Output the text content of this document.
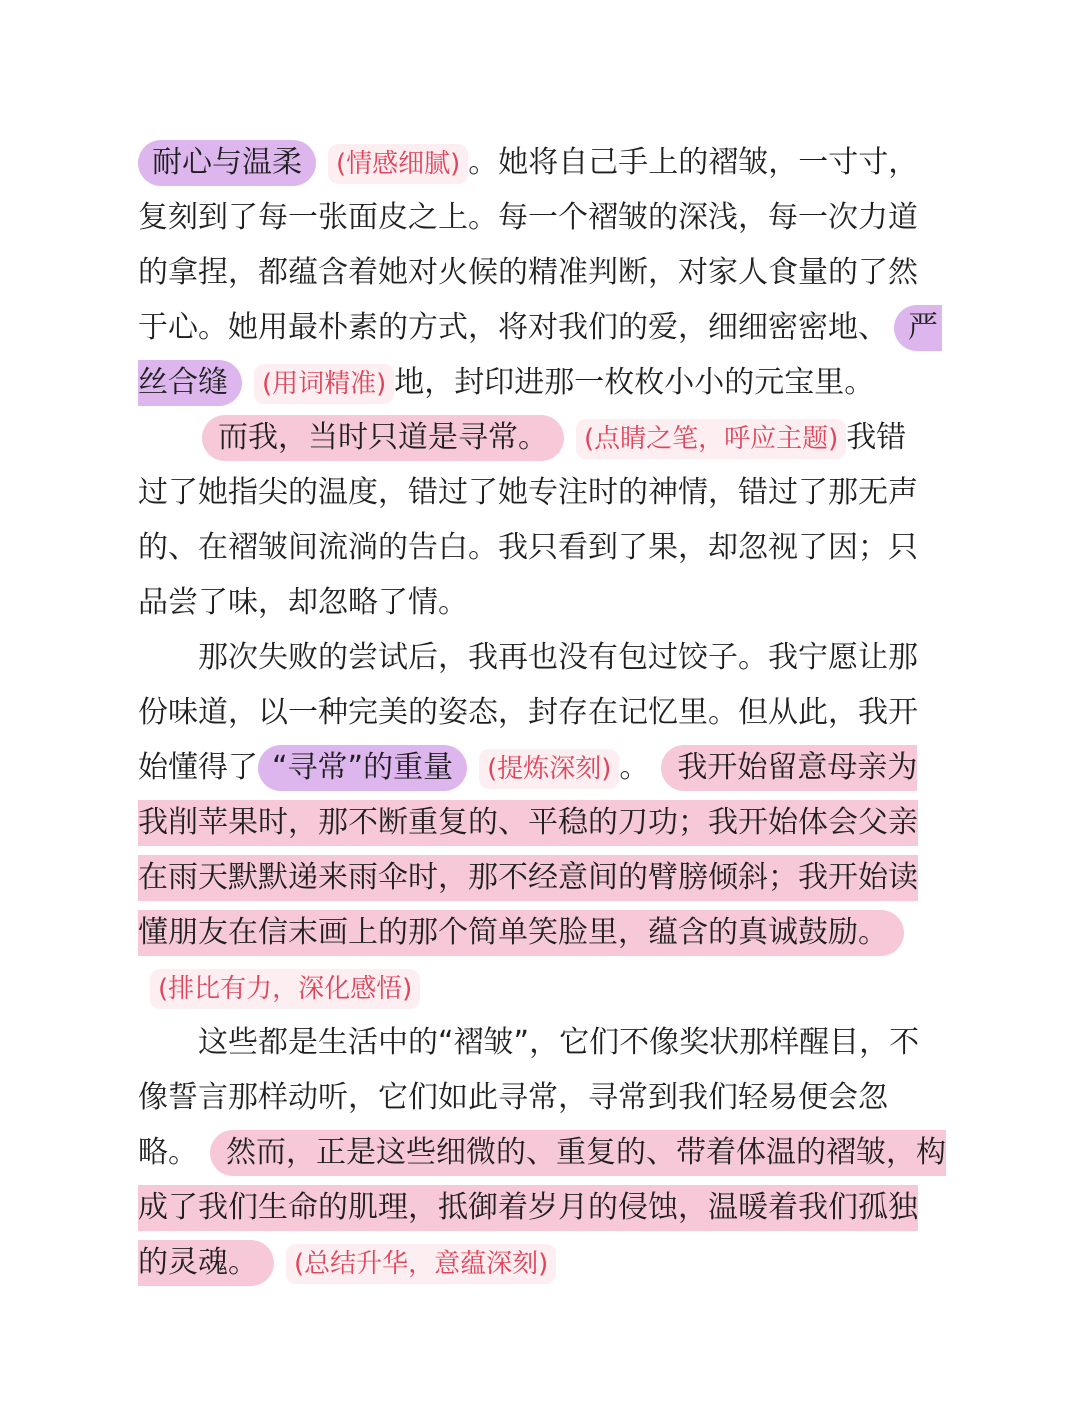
耐心与温柔 (情感细腻) 。她将自己手上的褶皱，一寸寸，
复刻到了每一张面皮之上。每一个褶皱的深浅，每一次力道
的拿捏，都蕴含着她对火候的精准判断，对家人食量的了然
于心。她用最朴素的方式，将对我们的爱，细细密密地、 严
丝合缝 (用词精准) 地，封印进那一枚枚小小的元宝里。
而我，当时只道是寻常。 (点睛之笔，呼应主题) 我错
过了她指尖的温度，错过了她专注时的神情，错过了那无声
的、在褶皱间流淌的告白。我只看到了果，却忽视了因；只
品尝了味，却忽略了情。
那次失败的尝试后，我再也没有包过饺子。我宁愿让那
份味道，以一种完美的姿态，封存在记忆里。但从此，我开
始懂得了 “寻常”的重量 (提炼深刻) 。 我开始留意母亲为
我削苹果时，那不断重复的、平稳的刀功；我开始体会父亲
在雨天默默递来雨伞时，那不经意间的臂膀倾斜；我开始读
懂朋友在信末画上的那个简单笑脸里，蕴含的真诚鼓励。
(排比有力，深化感悟)
这些都是生活中的“褶皱”，它们不像奖状那样醒目，不
像誓言那样动听，它们如此寻常，寻常到我们轻易便会忽
略。 然而，正是这些细微的、重复的、带着体温的褶皱，构
成了我们生命的肌理，抵御着岁月的侵蚀，温暖着我们孤独
的灵魂。 (总结升华，意蕴深刻)
